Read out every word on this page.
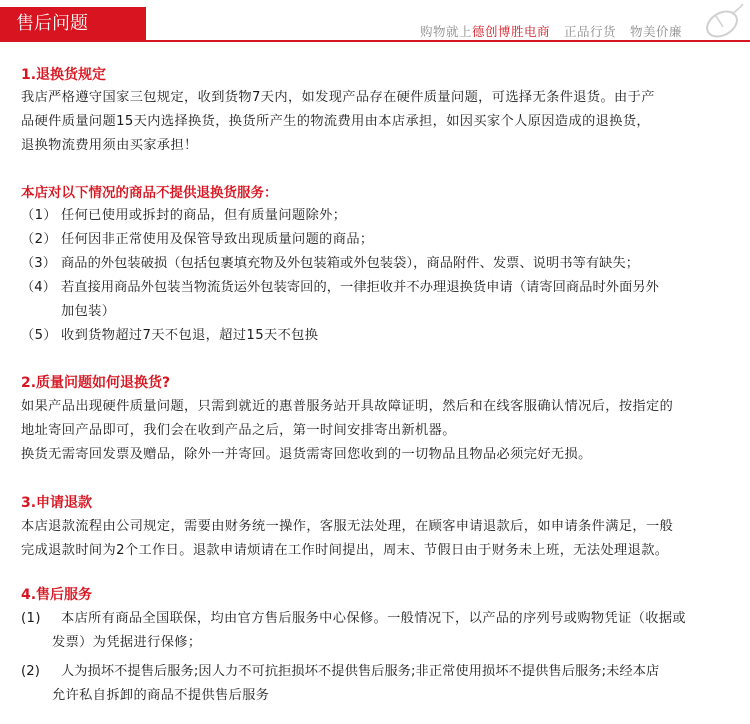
售后问题	购物就上德创博胜电商 正品行货 物美价廉
1.退换货规定
我店严格遵守国家三包规定，收到货物7天内，如发现产品存在硬件质量问题，可选择无条件退货。由于产
品硬件质量问题15天内选择换货，换货所产生的物流费用由本店承担，如因买家个人原因造成的退换货，
退换物流费用须由买家承担！
本店对以下情况的商品不提供退换货服务：
（1） 任何已使用或拆封的商品，但有质量问题除外；
（2） 任何因非正常使用及保管导致出现质量问题的商品；
（3） 商品的外包装破损（包括包裹填充物及外包装箱或外包装袋），商品附件、发票、说明书等有缺失；
（4） 若直接用商品外包装当物流货运外包装寄回的，一律拒收并不办理退换货申请（请寄回商品时外面另外
加包装）
（5） 收到货物超过7天不包退，超过15天不包换
2.质量问题如何退换货?
如果产品出现硬件质量问题，只需到就近的惠普服务站开具故障证明，然后和在线客服确认情况后，按指定的
地址寄回产品即可，我们会在收到产品之后，第一时间安排寄出新机器。
换货无需寄回发票及赠品，除外一并寄回。退货需寄回您收到的一切物品且物品必须完好无损。
3.申请退款
本店退款流程由公司规定，需要由财务统一操作，客服无法处理，在顾客申请退款后，如申请条件满足，一般
完成退款时间为2个工作日。退款申请烦请在工作时间提出，周末、节假日由于财务未上班，无法处理退款。
4.售后服务
(1) 本店所有商品全国联保，均由官方售后服务中心保修。一般情况下，以产品的序列号或购物凭证（收据或
发票）为凭据进行保修；
(2) 人为损坏不提售后服务;因人力不可抗拒损坏不提供售后服务;非正常使用损坏不提供售后服务;未经本店
允许私自拆卸的商品不提供售后服务
